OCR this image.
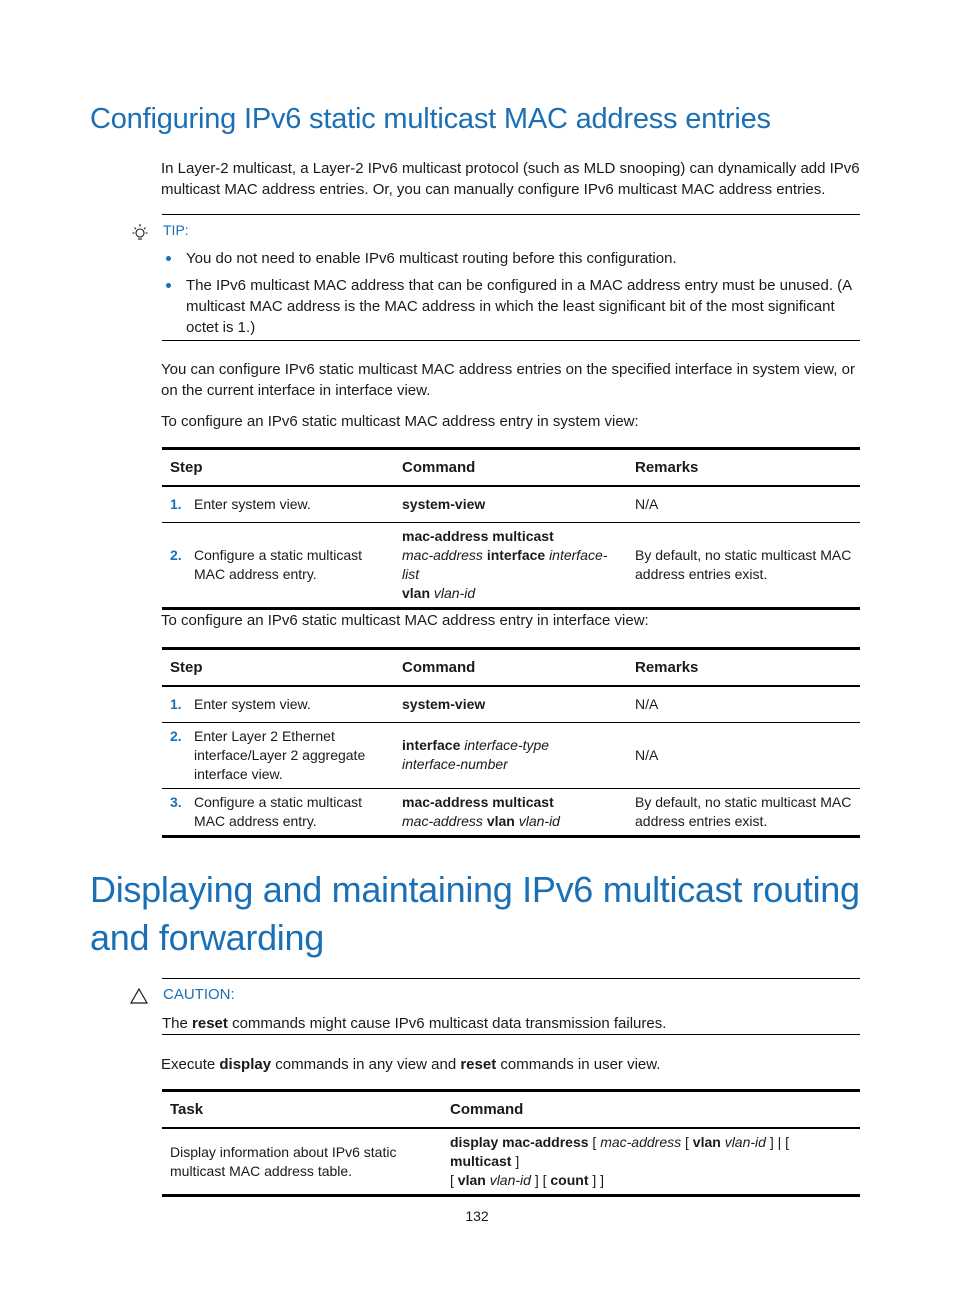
Configuring IPv6 static multicast MAC address entries

In Layer-2 multicast, a Layer-2 IPv6 multicast protocol (such as MLD snooping) can dynamically add IPv6 multicast MAC address entries. Or, you can manually configure IPv6 multicast MAC address entries.

TIP:
You do not need to enable IPv6 multicast routing before this configuration.
The IPv6 multicast MAC address that can be configured in a MAC address entry must be unused. (A multicast MAC address is the MAC address in which the least significant bit of the most significant octet is 1.)

You can configure IPv6 static multicast MAC address entries on the specified interface in system view, or on the current interface in interface view.

To configure an IPv6 static multicast MAC address entry in system view:

Step	Command	Remarks

1. Enter system view.	system-view	N/A

2. Configure a static multicast MAC address entry.	mac-address multicast
mac-address interface interface-list
vlan vlan-id	By default, no static multicast MAC address entries exist.

To configure an IPv6 static multicast MAC address entry in interface view:

Step	Command	Remarks

1. Enter system view.	system-view	N/A

2. Enter Layer 2 Ethernet interface/Layer 2 aggregate interface view.	interface interface-type
interface-number	N/A

3. Configure a static multicast MAC address entry.	mac-address multicast
mac-address vlan vlan-id	By default, no static multicast MAC address entries exist.
Displaying and maintaining IPv6 multicast routing and forwarding
CAUTION:

The reset commands might cause IPv6 multicast data transmission failures.

Execute display commands in any view and reset commands in user view.

Task	Command
Display information about IPv6 static multicast MAC address table.	display mac-address [ mac-address [ vlan vlan-id ] | [ multicast ]
[ vlan vlan-id ] [ count ] ]
132
